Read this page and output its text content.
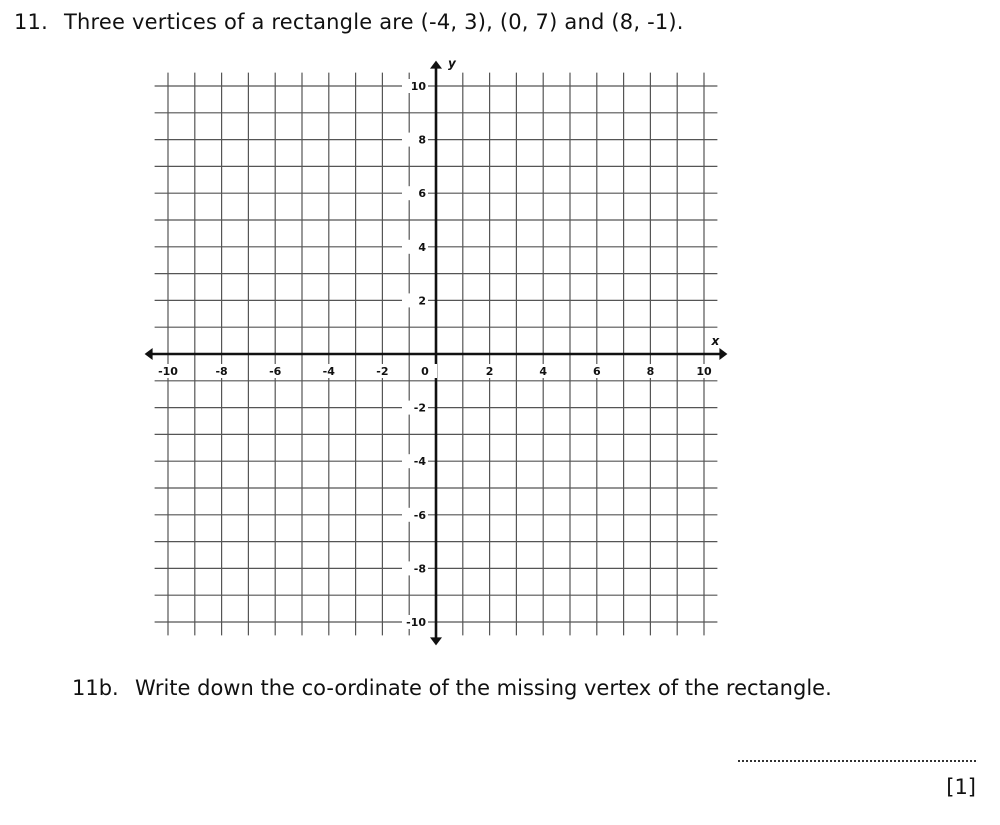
11. Three vertices of a rectangle are (-4, 3), (0, 7) and (8, -1).
-10	-8	-6	-4	-2	0	2	4	6	8	10
10
8
6
4
2
-2
-4
-6
-8
-10
x
y
11b. Write down the co-ordinate of the missing vertex of the rectangle.
[1]
